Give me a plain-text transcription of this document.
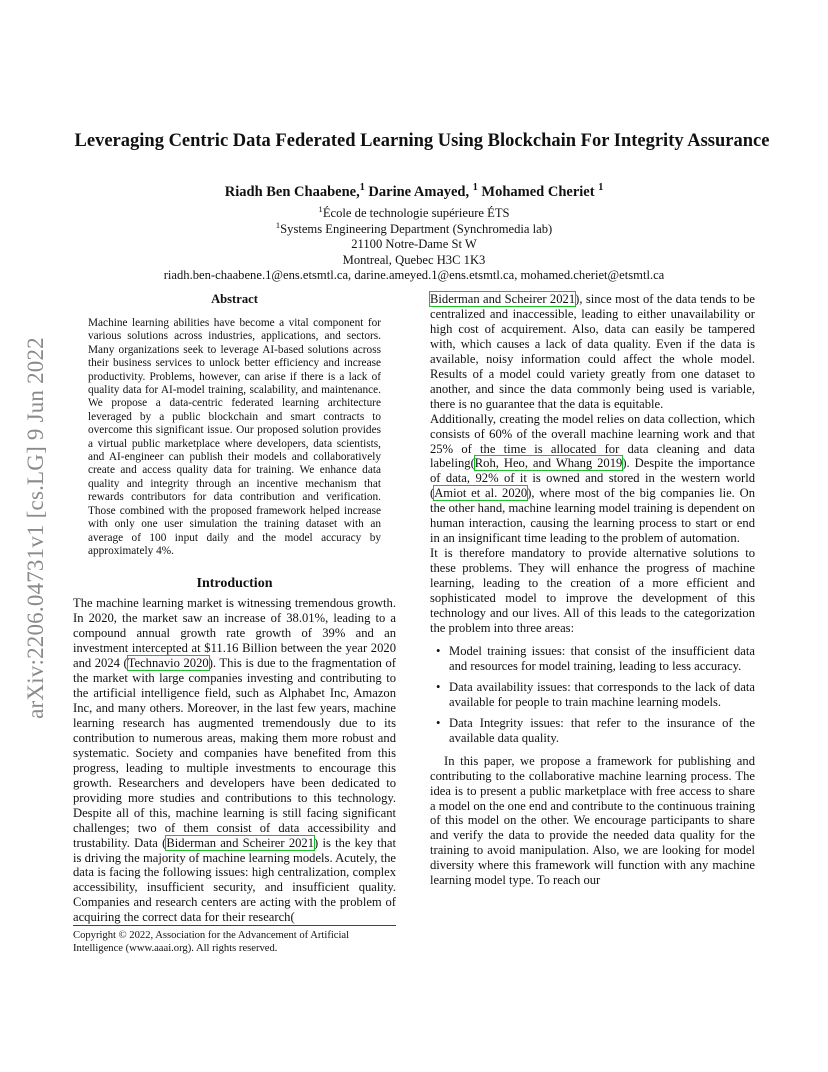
arXiv:2206.04731v1 [cs.LG] 9 Jun 2022
Leveraging Centric Data Federated Learning Using Blockchain For Integrity Assurance
Riadh Ben Chaabene,$^1$ Darine Amayed, $^1$ Mohamed Cheriet $^1$
$^1$École de technologie supérieure ÉTS
$^1$Systems Engineering Department (Synchromedia lab)
21100 Notre-Dame St W
Montreal, Quebec H3C 1K3
riadh.ben-chaabene.1@ens.etsmtl.ca, darine.ameyed.1@ens.etsmtl.ca, mohamed.cheriet@etsmtl.ca
Abstract

Machine learning abilities have become a vital component for various solutions across industries, applications, and sectors. Many organizations seek to leverage AI-based solutions across their business services to unlock better efficiency and increase productivity. Problems, however, can arise if there is a lack of quality data for AI-model training, scalability, and maintenance. We propose a data-centric federated learning architecture leveraged by a public blockchain and smart contracts to overcome this significant issue. Our proposed solution provides a virtual public marketplace where developers, data scientists, and AI-engineer can publish their models and collaboratively create and access quality data for training. We enhance data quality and integrity through an incentive mechanism that rewards contributors for data contribution and verification. Those combined with the proposed framework helped increase with only one user simulation the training dataset with an average of 100 input daily and the model accuracy by approximately 4%.

Introduction

The machine learning market is witnessing tremendous growth. In 2020, the market saw an increase of 38.01%, leading to a compound annual growth rate growth of 39% and an investment intercepted at $11.16 Billion between the year 2020 and 2024 (Technavio 2020). This is due to the fragmentation of the market with large companies investing and contributing to the artificial intelligence field, such as Alphabet Inc, Amazon Inc, and many others. Moreover, in the last few years, machine learning research has augmented tremendously due to its contribution to numerous areas, making them more robust and systematic. Society and companies have benefited from this progress, leading to multiple investments to encourage this growth. Researchers and developers have been dedicated to providing more studies and contributions to this technology. Despite all of this, machine learning is still facing significant challenges; two of them consist of data accessibility and trustability. Data (Biderman and Scheirer 2021) is the key that is driving the majority of machine learning models. Acutely, the data is facing the following issues: high centralization, complex accessibility, insufficient security, and insufficient quality. Companies and research centers are acting with the problem of acquiring the correct data for their research(

Copyright © 2022, Association for the Advancement of Artificial Intelligence (www.aaai.org). All rights reserved.

Biderman and Scheirer 2021), since most of the data tends to be centralized and inaccessible, leading to either unavailability or high cost of acquirement. Also, data can easily be tampered with, which causes a lack of data quality. Even if the data is available, noisy information could affect the whole model. Results of a model could variety greatly from one dataset to another, and since the data commonly being used is variable, there is no guarantee that the data is equitable.

Additionally, creating the model relies on data collection, which consists of 60% of the overall machine learning work and that 25% of the time is allocated for data cleaning and data labeling(Roh, Heo, and Whang 2019). Despite the importance of data, 92% of it is owned and stored in the western world (Amiot et al. 2020), where most of the big companies lie. On the other hand, machine learning model training is dependent on human interaction, causing the learning process to start or end in an insignificant time leading to the problem of automation.

It is therefore mandatory to provide alternative solutions to these problems. They will enhance the progress of machine learning, leading to the creation of a more efficient and sophisticated model to improve the development of this technology and our lives. All of this leads to the categorization the problem into three areas:

• Model training issues: that consist of the insufficient data and resources for model training, leading to less accuracy.
• Data availability issues: that corresponds to the lack of data available for people to train machine learning models.
• Data Integrity issues: that refer to the insurance of the available data quality.

In this paper, we propose a framework for publishing and contributing to the collaborative machine learning process. The idea is to present a public marketplace with free access to share a model on the one end and contribute to the continuous training of this model on the other. We encourage participants to share and verify the data to provide the needed data quality for the training to avoid manipulation. Also, we are looking for model diversity where this framework will function with any machine learning model type. To reach our
